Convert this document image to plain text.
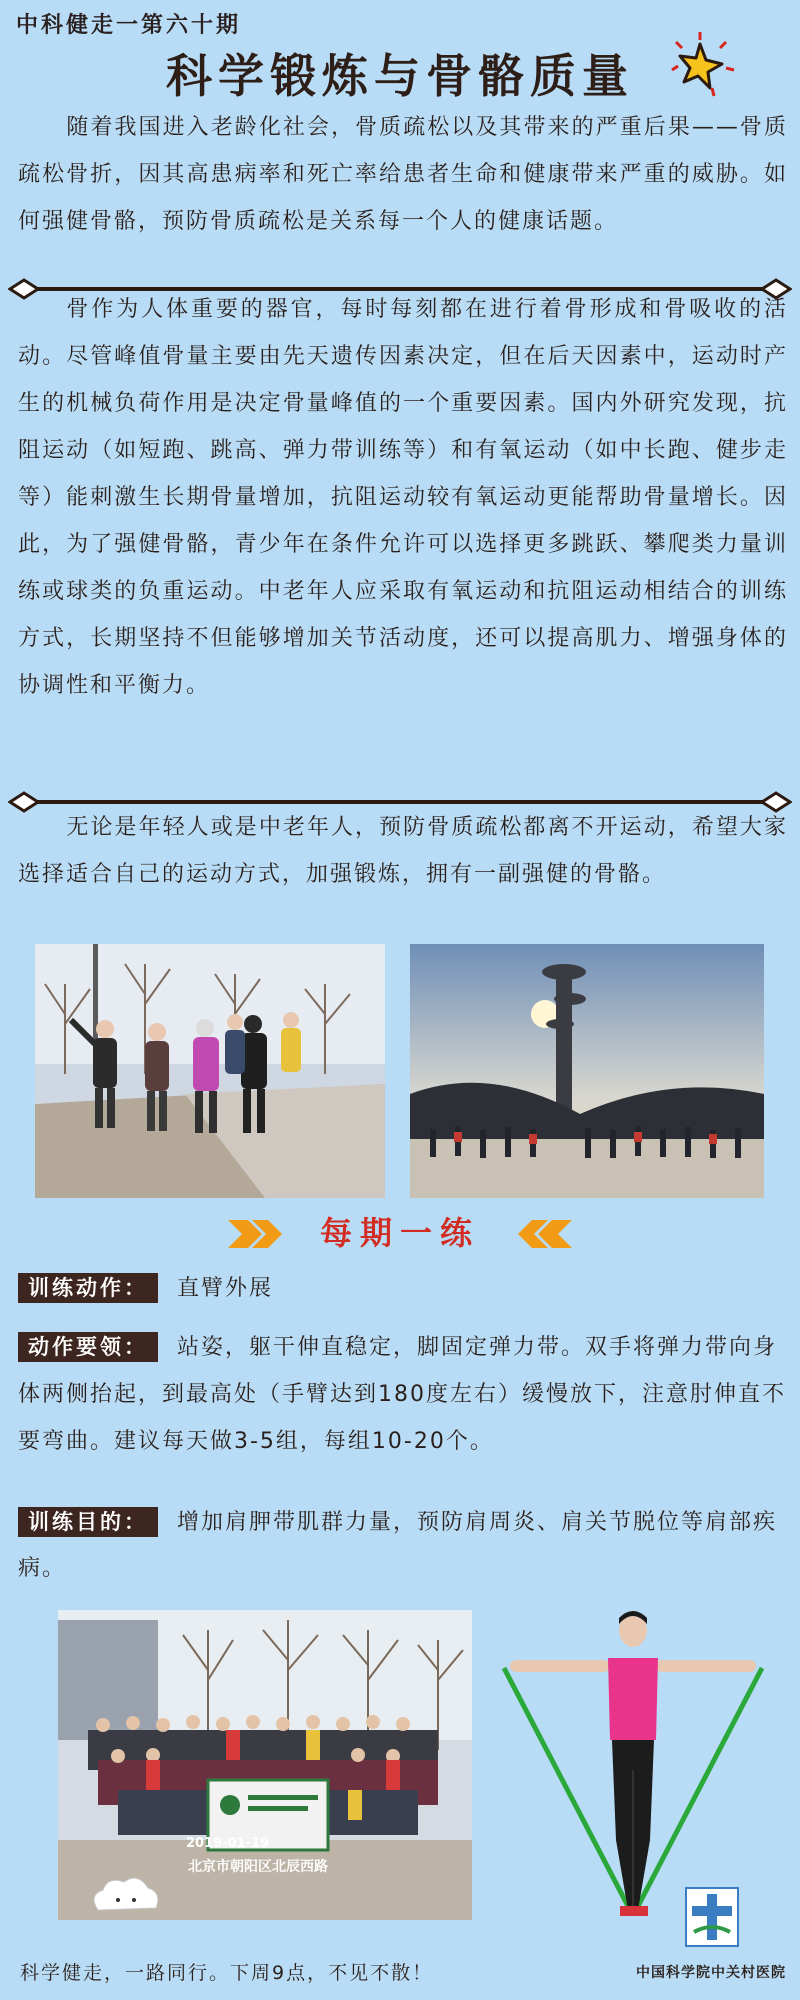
中科健走一第六十期
科学锻炼与骨骼质量
随着我国进入老龄化社会，骨质疏松以及其带来的严重后果——骨质疏松骨折，因其高患病率和死亡率给患者生命和健康带来严重的威胁。如何强健骨骼，预防骨质疏松是关系每一个人的健康话题。
骨作为人体重要的器官，每时每刻都在进行着骨形成和骨吸收的活动。尽管峰值骨量主要由先天遗传因素决定，但在后天因素中，运动时产生的机械负荷作用是决定骨量峰值的一个重要因素。国内外研究发现，抗阻运动（如短跑、跳高、弹力带训练等）和有氧运动（如中长跑、健步走等）能刺激生长期骨量增加，抗阻运动较有氧运动更能帮助骨量增长。因此，为了强健骨骼，青少年在条件允许可以选择更多跳跃、攀爬类力量训练或球类的负重运动。中老年人应采取有氧运动和抗阻运动相结合的训练方式，长期坚持不但能够增加关节活动度，还可以提高肌力、增强身体的协调性和平衡力。
无论是年轻人或是中老年人，预防骨质疏松都离不开运动，希望大家选择适合自己的运动方式，加强锻炼，拥有一副强健的骨骼。
每期一练
训练动作： 直臂外展
动作要领： 站姿，躯干伸直稳定，脚固定弹力带。双手将弹力带向身体两侧抬起，到最高处（手臂达到180度左右）缓慢放下，注意肘伸直不要弯曲。建议每天做3-5组，每组10-20个。
训练目的： 增加肩胛带肌群力量，预防肩周炎、肩关节脱位等肩部疾病。
2019-01-19
北京市朝阳区北辰西路
科学健走，一路同行。下周9点，不见不散！	中国科学院中关村医院
